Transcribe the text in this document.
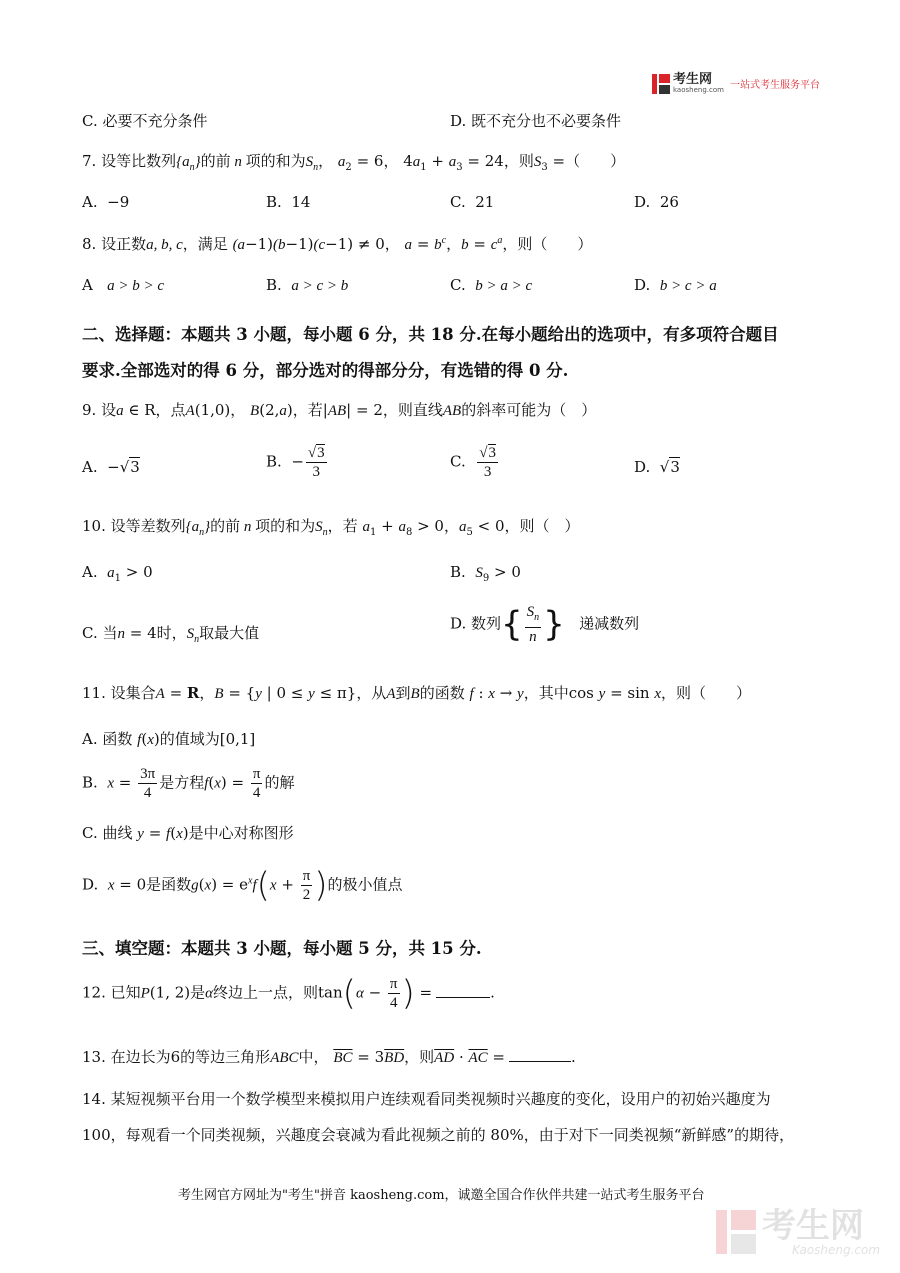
考生网
kaosheng.com 一站式考生服务平台
C. 必要不充分条件	D. 既不充分也不必要条件
7. 设等比数列$\{a_n\}$的前 n 项的和为$S_n$， $a_2 = 6$， $4a_1 + a_3 = 24$，则$S_3$ =（　　）
A. −9	B. 14	C. 21	D. 26
8. 设正数a, b, c，满足 (a−1)(b−1)(c−1) ≠ 0， $a = b^c$，$b = c^a$，则（　　）
A a > b > c	B. a > c > b	C. b > a > c	D. b > c > a
二、选择题：本题共 3 小题，每小题 6 分，共 18 分.在每小题给出的选项中，有多项符合题目
要求.全部选对的得 6 分，部分选对的得部分分，有选错的得 0 分.
9. 设a ∈ R，点A(1,0)， B(2,a)，若|AB| = 2，则直线AB的斜率可能为（　）
A.  −√3	B.  − $\frac{√3}{3}$	C. $\frac{√3}{3}$	D.  √3
10. 设等差数列$\{a_n\}$的前 n 项的和为$S_n$，若 $a_1 + a_8 > 0$，$a_5 < 0$，则（　）
A. $a_1 > 0$	B. $S_9 > 0$
C. 当n = 4时，$S_n$取最大值
D. 数列{ $\frac{S_n}{n}$ } 递减数列
11. 设集合A = R，B = {y | 0 ≤ y ≤ π}，从A到B的函数 f : x → y，其中cos y = sin x，则（　　）
A. 函数 f(x)的值域为[0,1]
B. $x = \frac{3\pi}{4}$ 是方程$f(x) = \frac{\pi}{4}$ 的解
C. 曲线 y = f(x)是中心对称图形
D. x = 0是函数$g(x) = e^xf(x + \frac{\pi}{2}$ )的极小值点
三、填空题：本题共 3 小题，每小题 5 分，共 15 分.
12. 已知P(1, 2)是α终边上一点，则$\tan(\alpha - \frac{\pi}{4}$ ) =	.
13. 在边长为6的等边三角形ABC中， $\overline{BC} = 3\overline{BD}$，则$\overline{AD} \cdot \overline{AC}$ =	.
14. 某短视频平台用一个数学模型来模拟用户连续观看同类视频时兴趣度的变化，设用户的初始兴趣度为
100，每观看一个同类视频，兴趣度会衰减为看此视频之前的 80%，由于对下一同类视频“新鲜感”的期待，
考生网官方网址为"考生"拼音 kaosheng.com，诚邀全国合作伙伴共建一站式考生服务平台
考生网
Kaosheng.com
